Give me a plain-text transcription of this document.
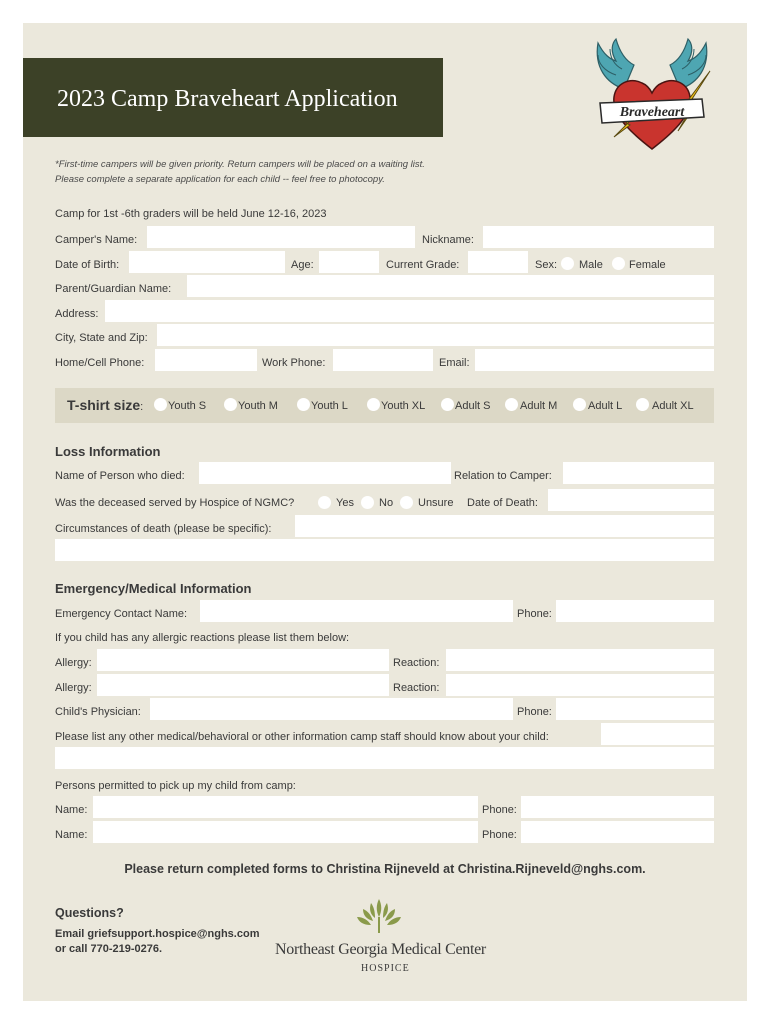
2023 Camp Braveheart Application
Braveheart
*First-time campers will be given priority. Return campers will be placed on a waiting list.
Please complete a separate application for each child -- feel free to photocopy.
Camp for 1st -6th graders will be held June 12-16, 2023
Camper's Name:	Nickname:
Date of Birth:	Age:	Current Grade:	Sex: Male Female
Parent/Guardian Name:
Address:
City, State and Zip:
Home/Cell Phone:	Work Phone:	Email:
T-shirt size: Youth S	Youth M	Youth L	Youth XL	Adult S	Adult M	Adult L	Adult XL
Loss Information
Name of Person who died:	Relation to Camper:
Was the deceased served by Hospice of NGMC?	Yes No Unsure Date of Death:
Circumstances of death (please be specific):
Emergency/Medical Information
Emergency Contact Name:	Phone:
If you child has any allergic reactions please list them below:
Allergy:	Reaction:
Allergy:	Reaction:
Child's Physician:	Phone:
Please list any other medical/behavioral or other information camp staff should know about your child:
Persons permitted to pick up my child from camp:
Name:	Phone:
Name:	Phone:
Please return completed forms to Christina Rijneveld at Christina.Rijneveld@nghs.com.
Questions?
Email griefsupport.hospice@nghs.com
or call 770-219-0276.	Northeast Georgia Medical Center
HOSPICE
